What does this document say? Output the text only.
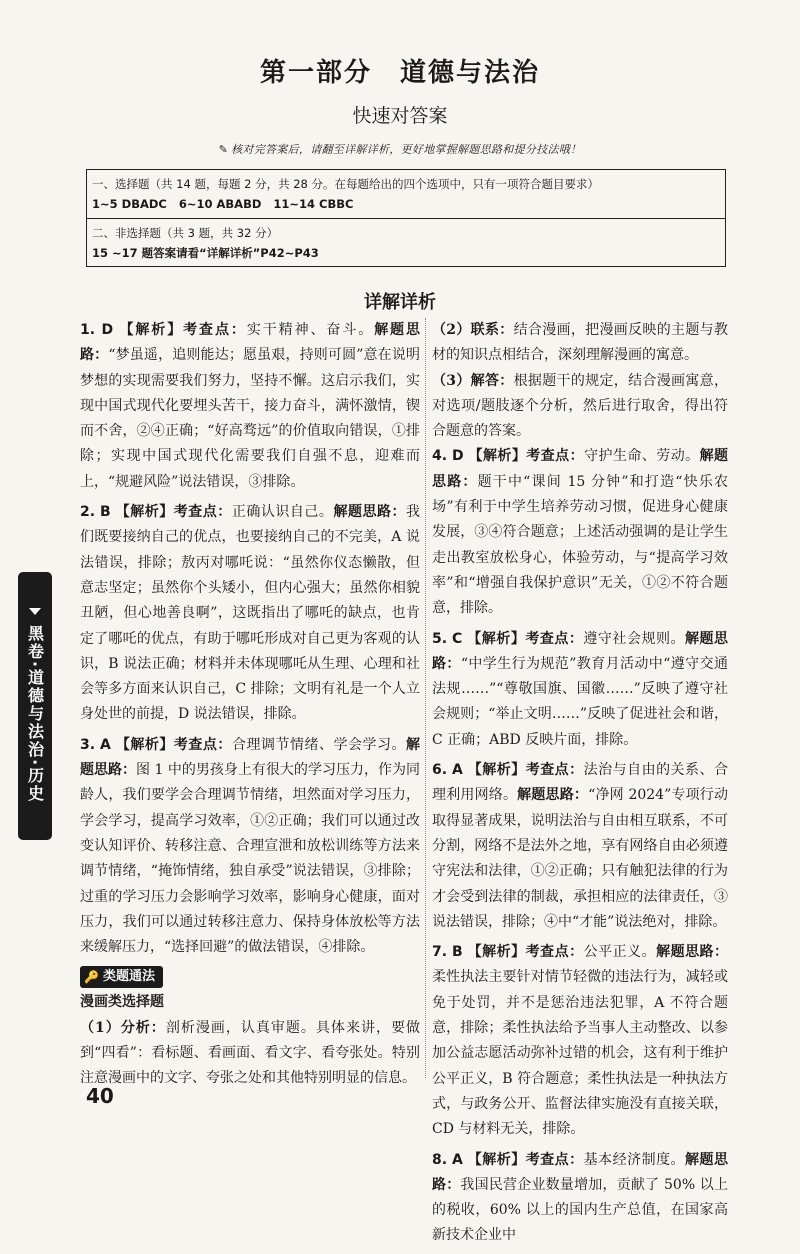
第一部分　道德与法治
快速对答案
✎ 核对完答案后，请翻至详解详析，更好地掌握解题思路和提分技法哦！
一、选择题（共 14 题，每题 2 分，共 28 分。在每题给出的四个选项中，只有一项符合题目要求）
1~5 DBADC 6~10 ABABD 11~14 CBBC
二、非选择题（共 3 题，共 32 分）
15 ~17 题答案请看“详解详析”P42~P43
详解详析
黑卷·道德与法治·历史
1. D 【解析】考查点：实干精神、奋斗。解题思路：“梦虽遥，追则能达；愿虽艰，持则可圆”意在说明梦想的实现需要我们努力，坚持不懈。这启示我们，实现中国式现代化要埋头苦干，接力奋斗，满怀激情，锲而不舍，②④正确；“好高骛远”的价值取向错误，①排除；实现中国式现代化需要我们自强不息，迎难而上，“规避风险”说法错误，③排除。
2. B 【解析】考查点：正确认识自己。解题思路：我们既要接纳自己的优点，也要接纳自己的不完美，A 说法错误，排除；敖丙对哪吒说：“虽然你仪态懒散，但意志坚定；虽然你个头矮小，但内心强大；虽然你相貌丑陋，但心地善良啊”，这既指出了哪吒的缺点，也肯定了哪吒的优点，有助于哪吒形成对自己更为客观的认识，B 说法正确；材料并未体现哪吒从生理、心理和社会等多方面来认识自己，C 排除；文明有礼是一个人立身处世的前提，D 说法错误，排除。
3. A 【解析】考查点：合理调节情绪、学会学习。解题思路：图 1 中的男孩身上有很大的学习压力，作为同龄人，我们要学会合理调节情绪，坦然面对学习压力，学会学习，提高学习效率，①②正确；我们可以通过改变认知评价、转移注意、合理宣泄和放松训练等方法来调节情绪，“掩饰情绪，独自承受”说法错误，③排除；过重的学习压力会影响学习效率，影响身心健康，面对压力，我们可以通过转移注意力、保持身体放松等方法来缓解压力，“选择回避”的做法错误，④排除。
🔑 类题通法
漫画类选择题
（1）分析：剖析漫画，认真审题。具体来讲，要做到“四看”：看标题、看画面、看文字、看夸张处。特别注意漫画中的文字、夸张之处和其他特别明显的信息。
（2）联系：结合漫画，把漫画反映的主题与教材的知识点相结合，深刻理解漫画的寓意。
（3）解答：根据题干的规定，结合漫画寓意，对选项/题肢逐个分析，然后进行取舍，得出符合题意的答案。
4. D 【解析】考查点：守护生命、劳动。解题思路：题干中“课间 15 分钟”和打造“快乐农场”有利于中学生培养劳动习惯，促进身心健康发展，③④符合题意；上述活动强调的是让学生走出教室放松身心，体验劳动，与“提高学习效率”和“增强自我保护意识”无关，①②不符合题意，排除。
5. C 【解析】考查点：遵守社会规则。解题思路：“中学生行为规范”教育月活动中“遵守交通法规……”“尊敬国旗、国徽……”反映了遵守社会规则；“举止文明……”反映了促进社会和谐，C 正确；ABD 反映片面，排除。
6. A 【解析】考查点：法治与自由的关系、合理利用网络。解题思路：“净网 2024”专项行动取得显著成果，说明法治与自由相互联系，不可分割，网络不是法外之地，享有网络自由必须遵守宪法和法律，①②正确；只有触犯法律的行为才会受到法律的制裁，承担相应的法律责任，③说法错误，排除；④中“才能”说法绝对，排除。
7. B 【解析】考查点：公平正义。解题思路：柔性执法主要针对情节轻微的违法行为，减轻或免于处罚，并不是惩治违法犯罪，A 不符合题意，排除；柔性执法给予当事人主动整改、以参加公益志愿活动弥补过错的机会，这有利于维护公平正义，B 符合题意；柔性执法是一种执法方式，与政务公开、监督法律实施没有直接关联，CD 与材料无关，排除。
8. A 【解析】考查点：基本经济制度。解题思路：我国民营企业数量增加，贡献了 50% 以上的税收，60% 以上的国内生产总值，在国家高新技术企业中
40
